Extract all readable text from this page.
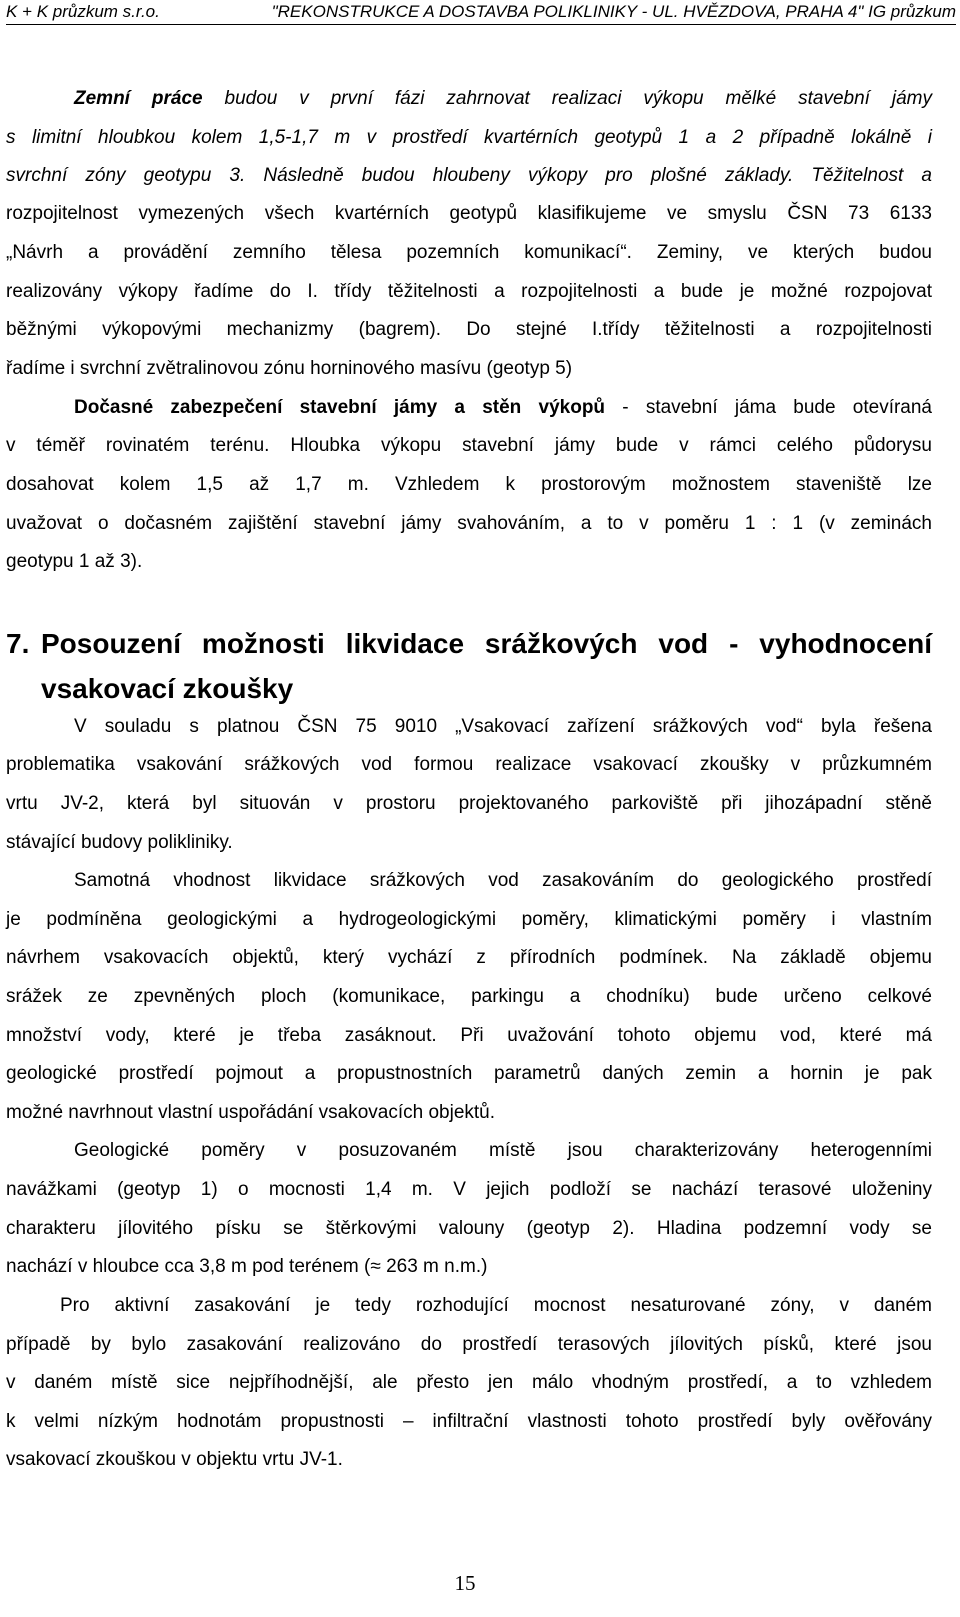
K + K průzkum s.r.o.	"REKONSTRUKCE A DOSTAVBA POLIKLINIKY - UL. HVĚZDOVA, PRAHA 4" IG průzkum
Zemní práce budou v první fázi zahrnovat realizaci výkopu mělké stavební jámy
s limitní hloubkou kolem 1,5-1,7 m v prostředí kvartérních geotypů 1 a 2 případně lokálně i
svrchní zóny geotypu 3. Následně budou hloubeny výkopy pro plošné základy. Těžitelnost a
rozpojitelnost vymezených všech kvartérních geotypů klasifikujeme ve smyslu ČSN 73 6133
„Návrh a provádění zemního tělesa pozemních komunikací“. Zeminy, ve kterých budou
realizovány výkopy řadíme do I. třídy těžitelnosti a rozpojitelnosti a bude je možné rozpojovat
běžnými výkopovými mechanizmy (bagrem). Do stejné I.třídy těžitelnosti a rozpojitelnosti
řadíme i svrchní zvětralinovou zónu horninového masívu (geotyp 5)
Dočasné zabezpečení stavební jámy a stěn výkopů - stavební jáma bude otevíraná
v téměř rovinatém terénu. Hloubka výkopu stavební jámy bude v rámci celého půdorysu
dosahovat kolem 1,5 až 1,7 m. Vzhledem k prostorovým možnostem staveniště lze
uvažovat o dočasném zajištění stavební jámy svahováním, a to v poměru 1 : 1 (v zeminách
geotypu 1 až 3).
7. Posouzení možnosti likvidace srážkových vod - vyhodnocení
vsakovací zkoušky
V souladu s platnou ČSN 75 9010 „Vsakovací zařízení srážkových vod“ byla řešena
problematika vsakování srážkových vod formou realizace vsakovací zkoušky v průzkumném
vrtu JV-2, která byl situován v prostoru projektovaného parkoviště při jihozápadní stěně
stávající budovy polikliniky.
Samotná vhodnost likvidace srážkových vod zasakováním do geologického prostředí
je podmíněna geologickými a hydrogeologickými poměry, klimatickými poměry i vlastním
návrhem vsakovacích objektů, který vychází z přírodních podmínek. Na základě objemu
srážek ze zpevněných ploch (komunikace, parkingu a chodníku) bude určeno celkové
množství vody, které je třeba zasáknout. Při uvažování tohoto objemu vod, které má
geologické prostředí pojmout a propustnostních parametrů daných zemin a hornin je pak
možné navrhnout vlastní uspořádání vsakovacích objektů.
Geologické poměry v posuzovaném místě jsou charakterizovány heterogenními
navážkami (geotyp 1) o mocnosti 1,4 m. V jejich podloží se nachází terasové uloženiny
charakteru jílovitého písku se štěrkovými valouny (geotyp 2). Hladina podzemní vody se
nachází v hloubce cca 3,8 m pod terénem (≈ 263 m n.m.)
Pro aktivní zasakování je tedy rozhodující mocnost nesaturované zóny, v daném
případě by bylo zasakování realizováno do prostředí terasových jílovitých písků, které jsou
v daném místě sice nejpříhodnější, ale přesto jen málo vhodným prostředí, a to vzhledem
k velmi nízkým hodnotám propustnosti – infiltrační vlastnosti tohoto prostředí byly ověřovány
vsakovací zkouškou v objektu vrtu JV-1.
15
